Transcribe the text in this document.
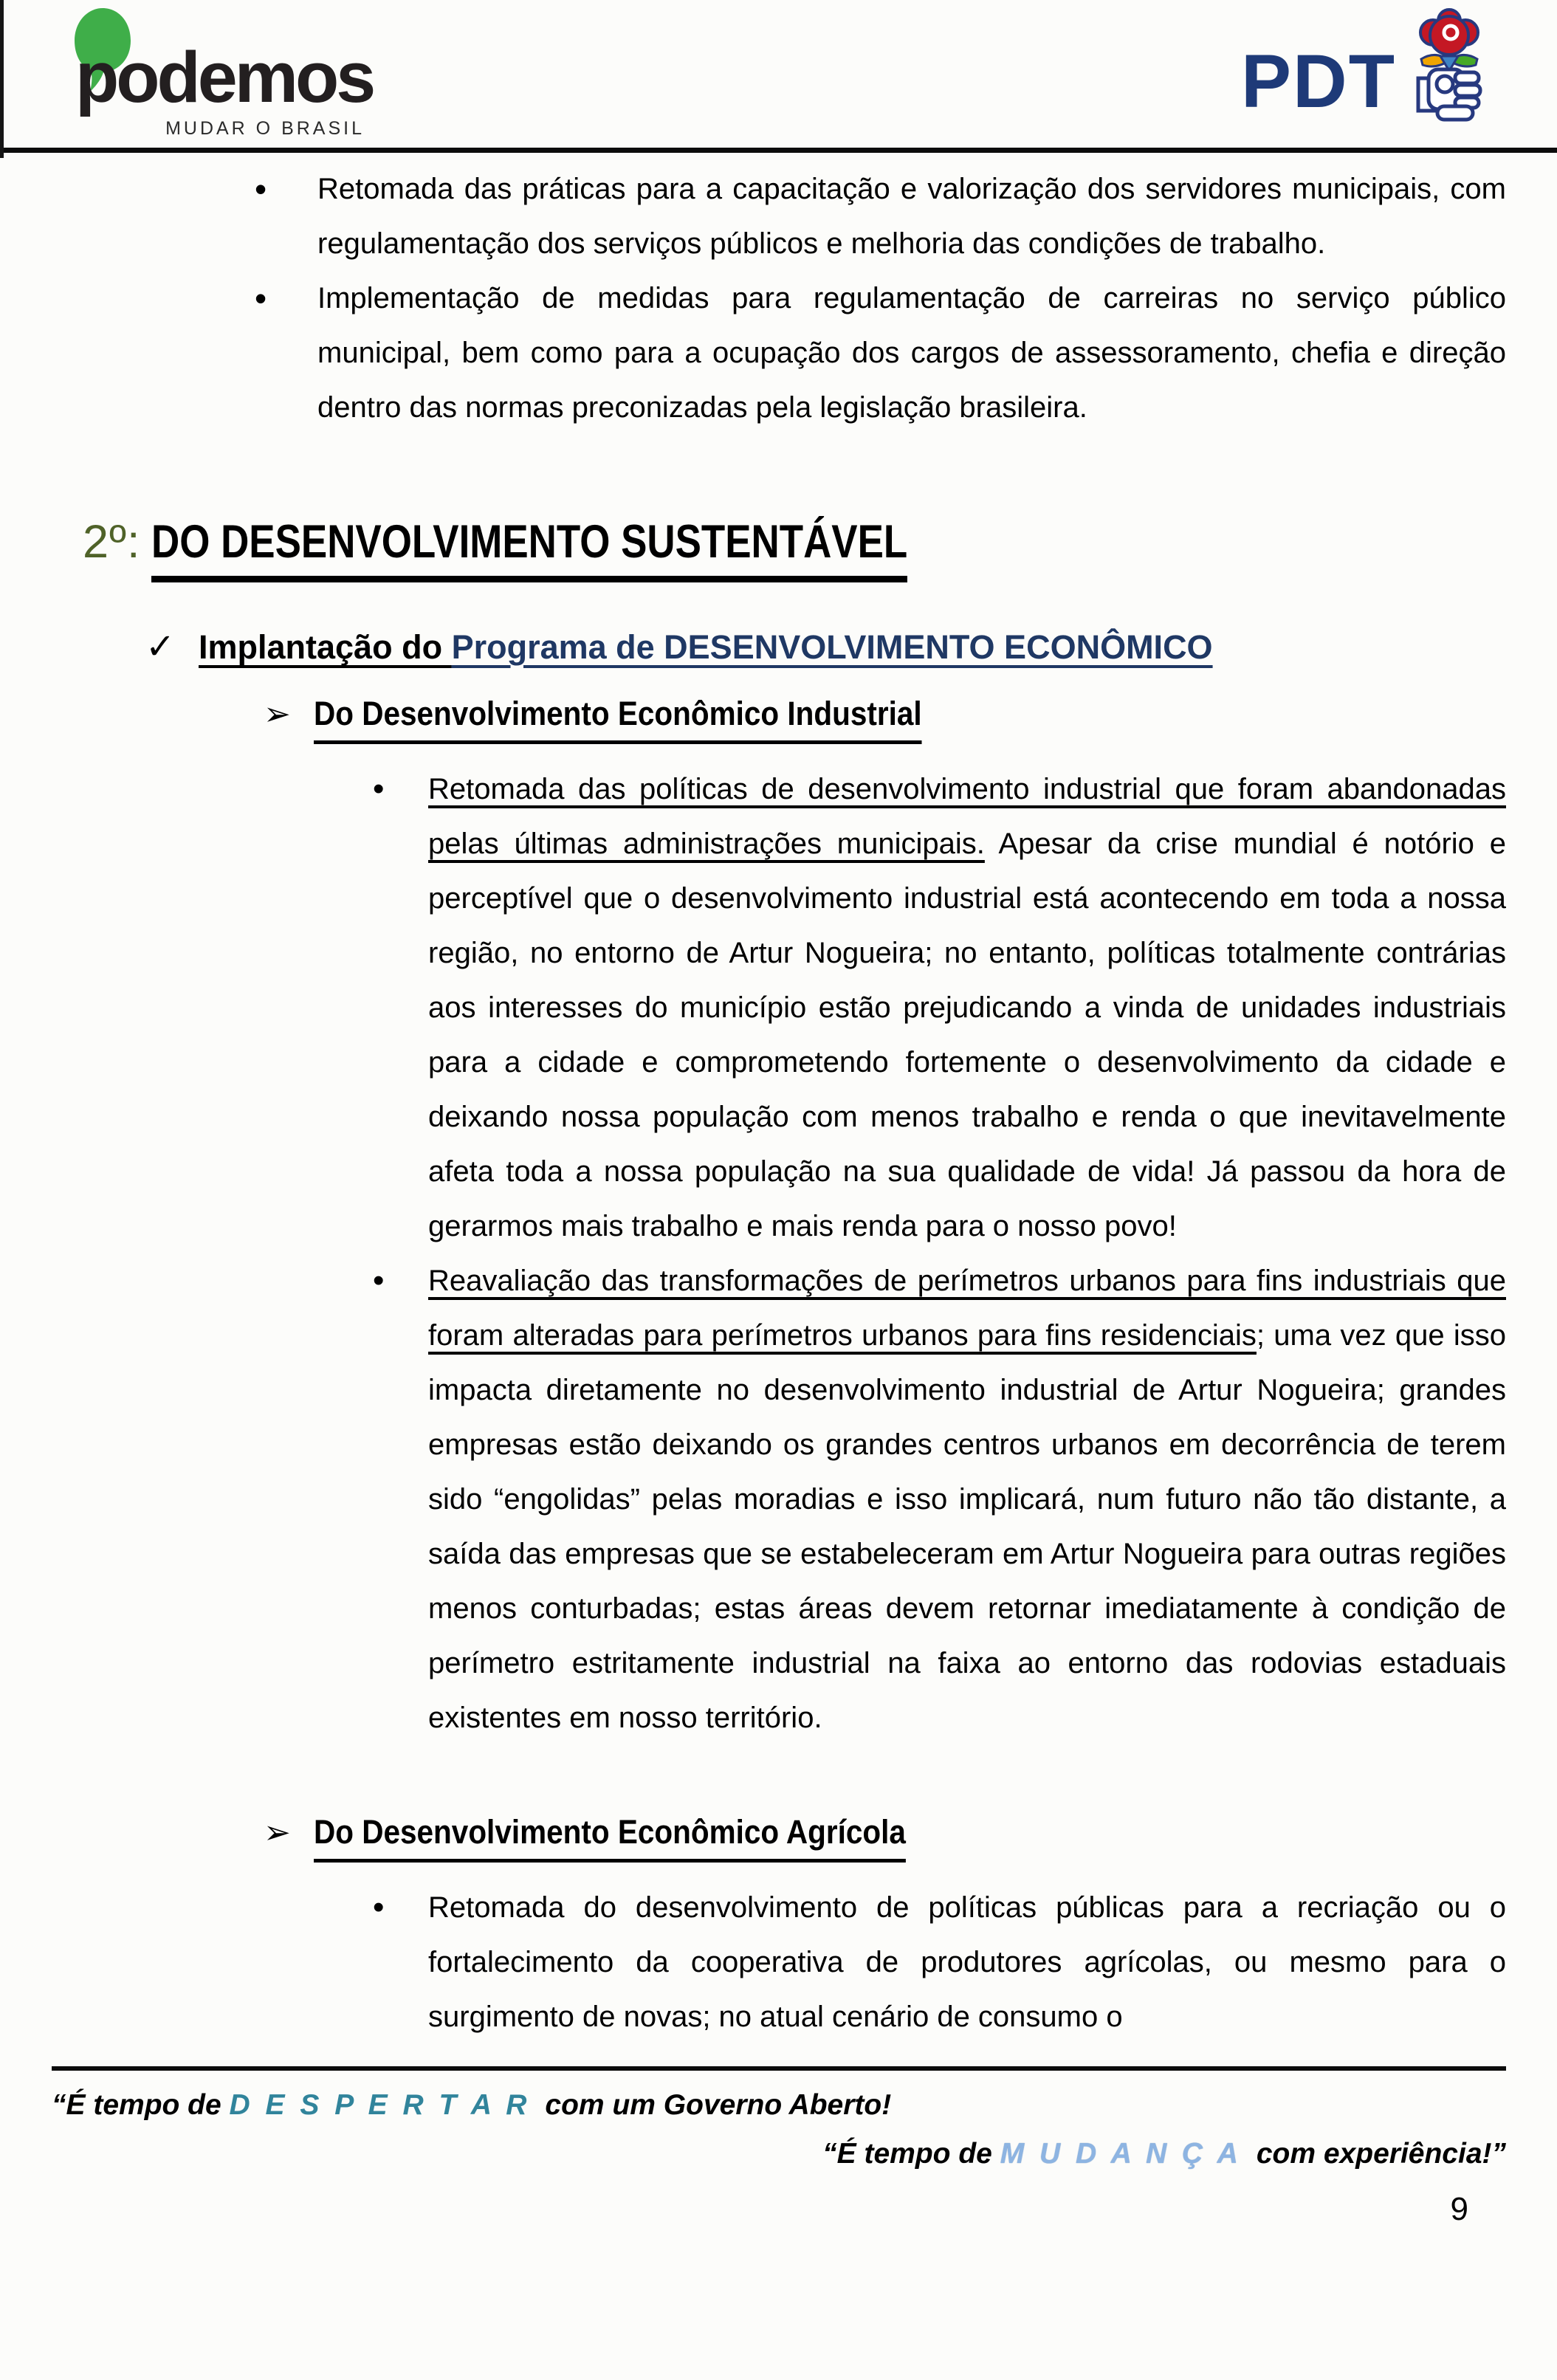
podemos
MUDAR O BRASIL
PDT
•	Retomada das práticas para a capacitação e valorização dos servidores municipais, com regulamentação dos serviços públicos e melhoria das condições de trabalho.
•	Implementação de medidas para regulamentação de carreiras no serviço público municipal, bem como para a ocupação dos cargos de assessoramento, chefia e direção dentro das normas preconizadas pela legislação brasileira.
2º: DO DESENVOLVIMENTO SUSTENTÁVEL
✓ Implantação do Programa de DESENVOLVIMENTO ECONÔMICO
➢ Do Desenvolvimento Econômico Industrial
•	Retomada das políticas de desenvolvimento industrial que foram abandonadas pelas últimas administrações municipais. Apesar da crise mundial é notório e perceptível que o desenvolvimento industrial está acontecendo em toda a nossa região, no entorno de Artur Nogueira; no entanto, políticas totalmente contrárias aos interesses do município estão prejudicando a vinda de unidades industriais para a cidade e comprometendo fortemente o desenvolvimento da cidade e deixando nossa população com menos trabalho e renda o que inevitavelmente afeta toda a nossa população na sua qualidade de vida! Já passou da hora de gerarmos mais trabalho e mais renda para o nosso povo!
•	Reavaliação das transformações de perímetros urbanos para fins industriais que foram alteradas para perímetros urbanos para fins residenciais; uma vez que isso impacta diretamente no desenvolvimento industrial de Artur Nogueira; grandes empresas estão deixando os grandes centros urbanos em decorrência de terem sido “engolidas” pelas moradias e isso implicará, num futuro não tão distante, a saída das empresas que se estabeleceram em Artur Nogueira para outras regiões menos conturbadas; estas áreas devem retornar imediatamente à condição de perímetro estritamente industrial na faixa ao entorno das rodovias estaduais existentes em nosso território.
➢ Do Desenvolvimento Econômico Agrícola
•	Retomada do desenvolvimento de políticas públicas para a recriação ou o fortalecimento da cooperativa de produtores agrícolas, ou mesmo para o surgimento de novas; no atual cenário de consumo o
“É tempo de D E S P E R T A R com um Governo Aberto!
“É tempo de M U D A N Ç A com experiência!”
9
